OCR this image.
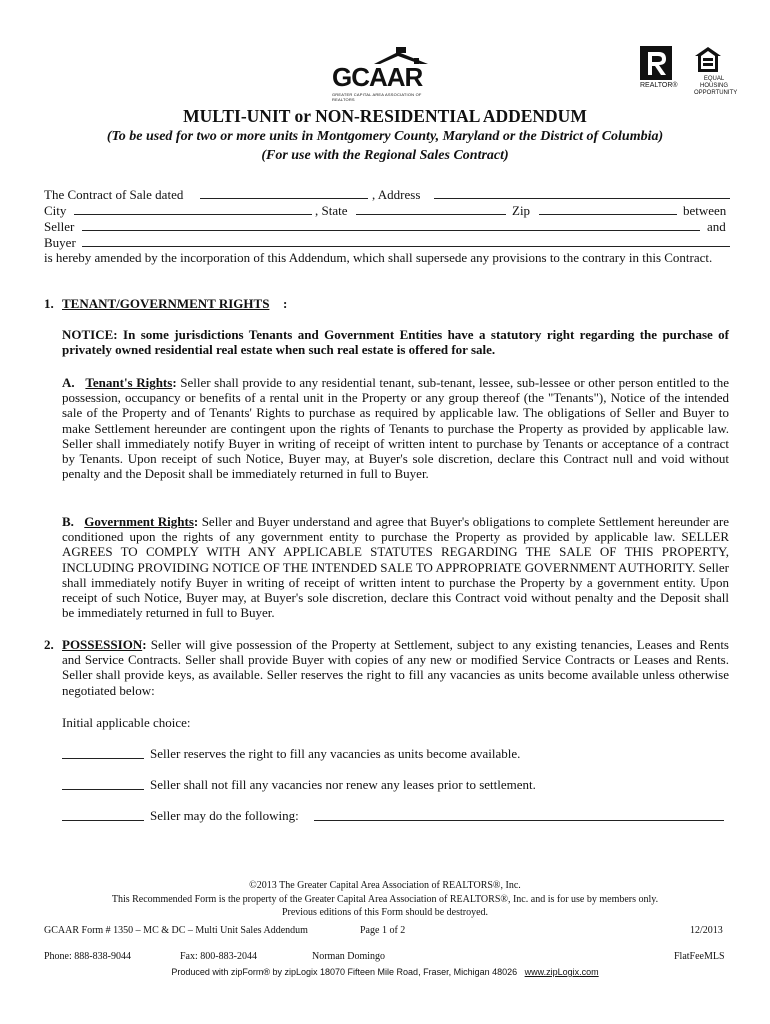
GCAAR
GREATER CAPITAL AREA ASSOCIATION OF REALTORS
REALTOR®
EQUAL HOUSING OPPORTUNITY
MULTI-UNIT or NON-RESIDENTIAL ADDENDUM
(To be used for two or more units in Montgomery County, Maryland or the District of Columbia)
(For use with the Regional Sales Contract)
The Contract of Sale dated	, Address
City	, State	Zip	between
Seller	and
Buyer
is hereby amended by the incorporation of this Addendum, which shall supersede any provisions to the contrary in this Contract.
1. TENANT/GOVERNMENT RIGHTS :
NOTICE: In some jurisdictions Tenants and Government Entities have a statutory right regarding the purchase of privately owned residential real estate when such real estate is offered for sale.
A. Tenant's Rights: Seller shall provide to any residential tenant, sub-tenant, lessee, sub-lessee or other person entitled to the possession, occupancy or benefits of a rental unit in the Property or any group thereof (the "Tenants"), Notice of the intended sale of the Property and of Tenants' Rights to purchase as required by applicable law. The obligations of Seller and Buyer to make Settlement hereunder are contingent upon the rights of Tenants to purchase the Property as provided by applicable law. Seller shall immediately notify Buyer in writing of receipt of written intent to purchase by Tenants or acceptance of a contract by Tenants. Upon receipt of such Notice, Buyer may, at Buyer's sole discretion, declare this Contract null and void without penalty and the Deposit shall be immediately returned in full to Buyer.
B. Government Rights: Seller and Buyer understand and agree that Buyer's obligations to complete Settlement hereunder are conditioned upon the rights of any government entity to purchase the Property as provided by applicable law. SELLER AGREES TO COMPLY WITH ANY APPLICABLE STATUTES REGARDING THE SALE OF THIS PROPERTY, INCLUDING PROVIDING NOTICE OF THE INTENDED SALE TO APPROPRIATE GOVERNMENT AUTHORITY. Seller shall immediately notify Buyer in writing of receipt of written intent to purchase the Property by a government entity. Upon receipt of such Notice, Buyer may, at Buyer's sole discretion, declare this Contract void without penalty and the Deposit shall be immediately returned in full to Buyer.
2. POSSESSION: Seller will give possession of the Property at Settlement, subject to any existing tenancies, Leases and Rents and Service Contracts. Seller shall provide Buyer with copies of any new or modified Service Contracts or Leases and Rents. Seller shall provide keys, as available. Seller reserves the right to fill any vacancies as units become available unless otherwise negotiated below:
Initial applicable choice:
Seller reserves the right to fill any vacancies as units become available.
Seller shall not fill any vacancies nor renew any leases prior to settlement.
Seller may do the following:
©2013 The Greater Capital Area Association of REALTORS®, Inc.
This Recommended Form is the property of the Greater Capital Area Association of REALTORS®, Inc. and is for use by members only.
Previous editions of this Form should be destroyed.
GCAAR Form # 1350 – MC & DC – Multi Unit Sales Addendum	Page 1 of 2	12/2013
Phone: 888-838-9044	Fax: 800-883-2044	Norman Domingo	FlatFeeMLS
Produced with zipForm® by zipLogix 18070 Fifteen Mile Road, Fraser, Michigan 48026 www.zipLogix.com
